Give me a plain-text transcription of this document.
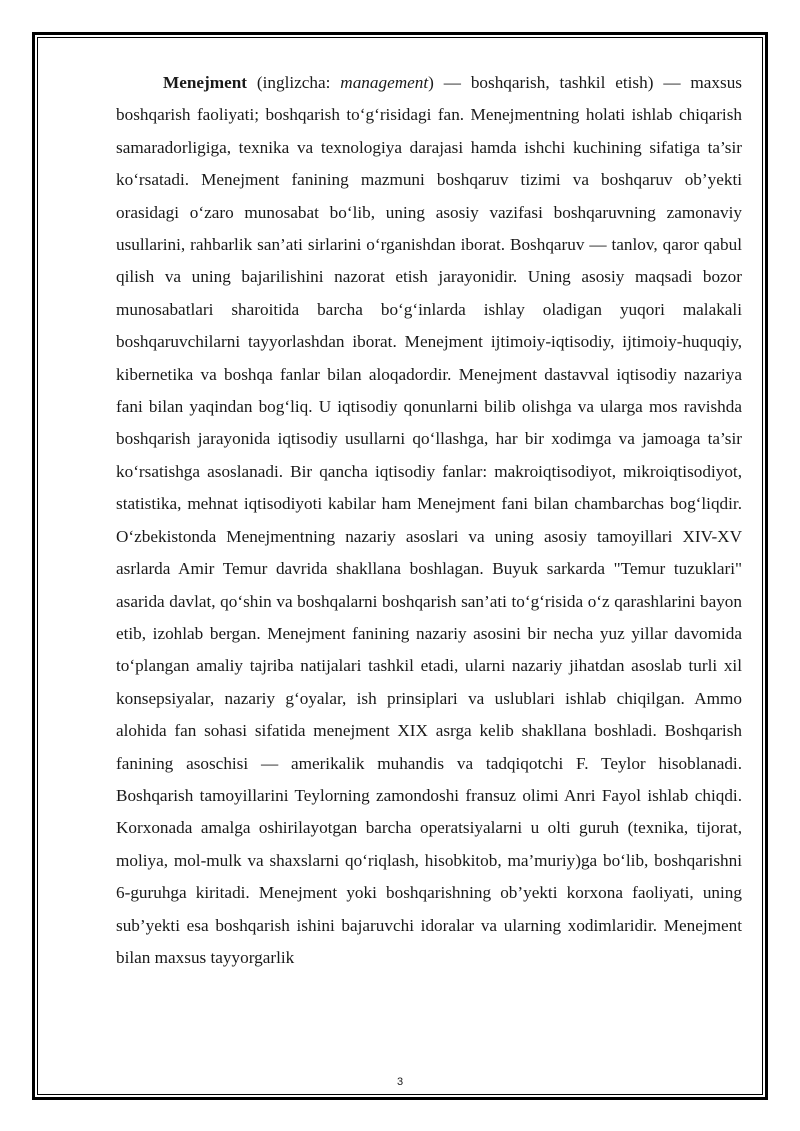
Menejment (inglizcha: management) — boshqarish, tashkil etish) — maxsus boshqarish faoliyati; boshqarish to‘g‘risidagi fan. Menejmentning holati ishlab chiqarish samaradorligiga, texnika va texnologiya darajasi hamda ishchi kuchining sifatiga ta’sir ko‘rsatadi. Menejment fanining mazmuni boshqaruv tizimi va boshqaruv ob’yekti orasidagi o‘zaro munosabat bo‘lib, uning asosiy vazifasi boshqaruvning zamonaviy usullarini, rahbarlik san’ati sirlarini o‘rganishdan iborat. Boshqaruv — tanlov, qaror qabul qilish va uning bajarilishini nazorat etish jarayonidir. Uning asosiy maqsadi bozor munosabatlari sharoitida barcha bo‘g‘inlarda ishlay oladigan yuqori malakali boshqaruvchilarni tayyorlashdan iborat. Menejment ijtimoiy-iqtisodiy, ijtimoiy-huquqiy, kibernetika va boshqa fanlar bilan aloqadordir. Menejment dastavval iqtisodiy nazariya fani bilan yaqindan bog‘liq. U iqtisodiy qonunlarni bilib olishga va ularga mos ravishda boshqarish jarayonida iqtisodiy usullarni qo‘llashga, har bir xodimga va jamoaga ta’sir ko‘rsatishga asoslanadi. Bir qancha iqtisodiy fanlar: makroiqtisodiyot, mikroiqtisodiyot, statistika, mehnat iqtisodiyoti kabilar ham Menejment fani bilan chambarchas bog‘liqdir. O‘zbekistonda Menejmentning nazariy asoslari va uning asosiy tamoyillari XIV-XV asrlarda Amir Temur davrida shakllana boshlagan. Buyuk sarkarda "Temur tuzuklari" asarida davlat, qo‘shin va boshqalarni boshqarish san’ati to‘g‘risida o‘z qarashlarini bayon etib, izohlab bergan. Menejment fanining nazariy asosini bir necha yuz yillar davomida to‘plangan amaliy tajriba natijalari tashkil etadi, ularni nazariy jihatdan asoslab turli xil konsepsiyalar, nazariy g‘oyalar, ish prinsiplari va uslublari ishlab chiqilgan. Ammo alohida fan sohasi sifatida menejment XIX asrga kelib shakllana boshladi. Boshqarish fanining asoschisi — amerikalik muhandis va tadqiqotchi F. Teylor hisoblanadi. Boshqarish tamoyillarini Teylorning zamondoshi fransuz olimi Anri Fayol ishlab chiqdi. Korxonada amalga oshirilayotgan barcha operatsiyalarni u olti guruh (texnika, tijorat, moliya, mol-mulk va shaxslarni qo‘riqlash, hisobkitob, ma’muriy)ga bo‘lib, boshqarishni 6-guruhga kiritadi. Menejment yoki boshqarishning ob’yekti korxona faoliyati, uning sub’yekti esa boshqarish ishini bajaruvchi idoralar va ularning xodimlaridir. Menejment bilan maxsus tayyorgarlik

3
